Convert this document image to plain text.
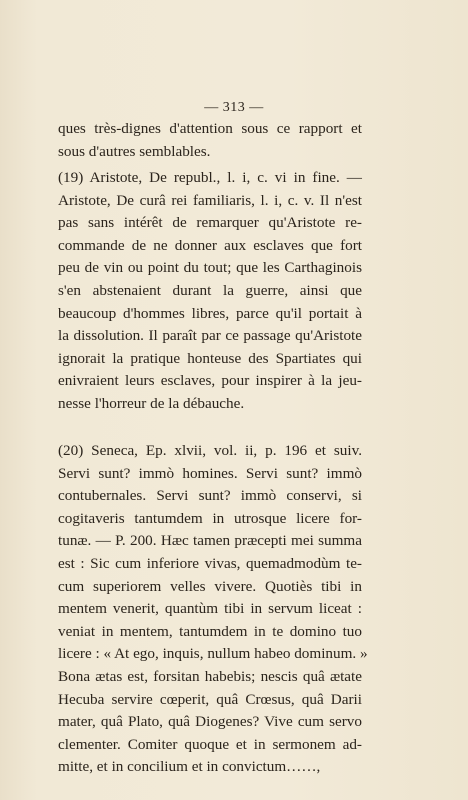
— 313 —
ques très-dignes d'attention sous ce rapport et
sous d'autres semblables.
(19) Aristote, De republ., l. i, c. vi in fine. —
Aristote, De curâ rei familiaris, l. i, c. v. Il n'est
pas sans intérêt de remarquer qu'Aristote re-
commande de ne donner aux esclaves que fort
peu de vin ou point du tout; que les Carthaginois
s'en abstenaient durant la guerre, ainsi que
beaucoup d'hommes libres, parce qu'il portait à
la dissolution. Il paraît par ce passage qu'Aristote
ignorait la pratique honteuse des Spartiates qui
enivraient leurs esclaves, pour inspirer à la jeu-
nesse l'horreur de la débauche.
(20) Seneca, Ep. xlvii, vol. ii, p. 196 et suiv.
Servi sunt? immò homines. Servi sunt? immò
contubernales. Servi sunt? immò conservi, si
cogitaveris tantumdem in utrosque licere for-
tunæ. — P. 200. Hæc tamen præcepti mei summa
est : Sic cum inferiore vivas, quemadmodùm te-
cum superiorem velles vivere. Quotiès tibi in
mentem venerit, quantùm tibi in servum liceat :
veniat in mentem, tantumdem in te domino tuo
licere : « At ego, inquis, nullum habeo dominum. »
Bona ætas est, forsitan habebis; nescis quâ ætate
Hecuba servire cœperit, quâ Crœsus, quâ Darii
mater, quâ Plato, quâ Diogenes? Vive cum servo
clementer. Comiter quoque et in sermonem ad-
mitte, et in concilium et in convictum……,
